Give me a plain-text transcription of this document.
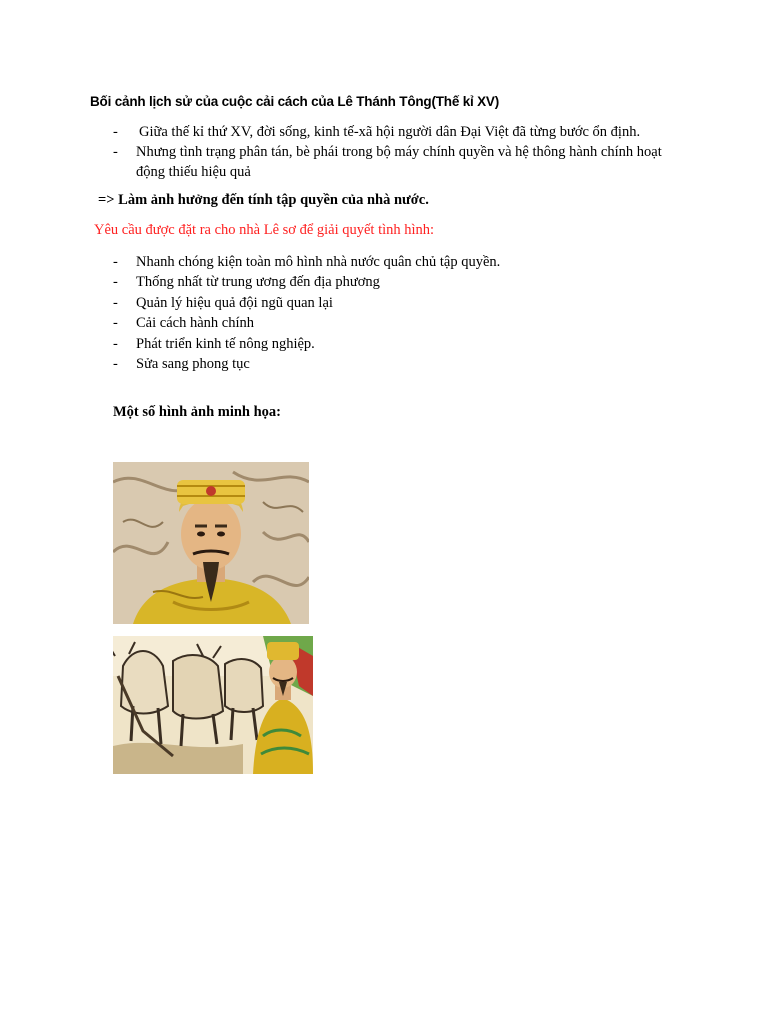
Bối cảnh lịch sử của cuộc cải cách của Lê Thánh Tông(Thế kỉ XV)
- Giữa thế kỉ thứ XV, đời sống, kinh tế-xã hội người dân Đại Việt đã từng bước ổn định.
- Nhưng tình trạng phân tán, bè phái trong bộ máy chính quyền và hệ thông hành chính hoạt động thiếu hiệu quả
=> Làm ảnh hưởng đến tính tập quyền của nhà nước.
Yêu cầu được đặt ra cho nhà Lê sơ để giải quyết tình hình:
- Nhanh chóng kiện toàn mô hình nhà nước quân chủ tập quyền.
- Thống nhất từ trung ương đến địa phương
- Quản lý hiệu quả đội ngũ quan lại
- Cải cách hành chính
- Phát triển kinh tế nông nghiệp.
- Sửa sang phong tục
Một số hình ảnh minh họa:
